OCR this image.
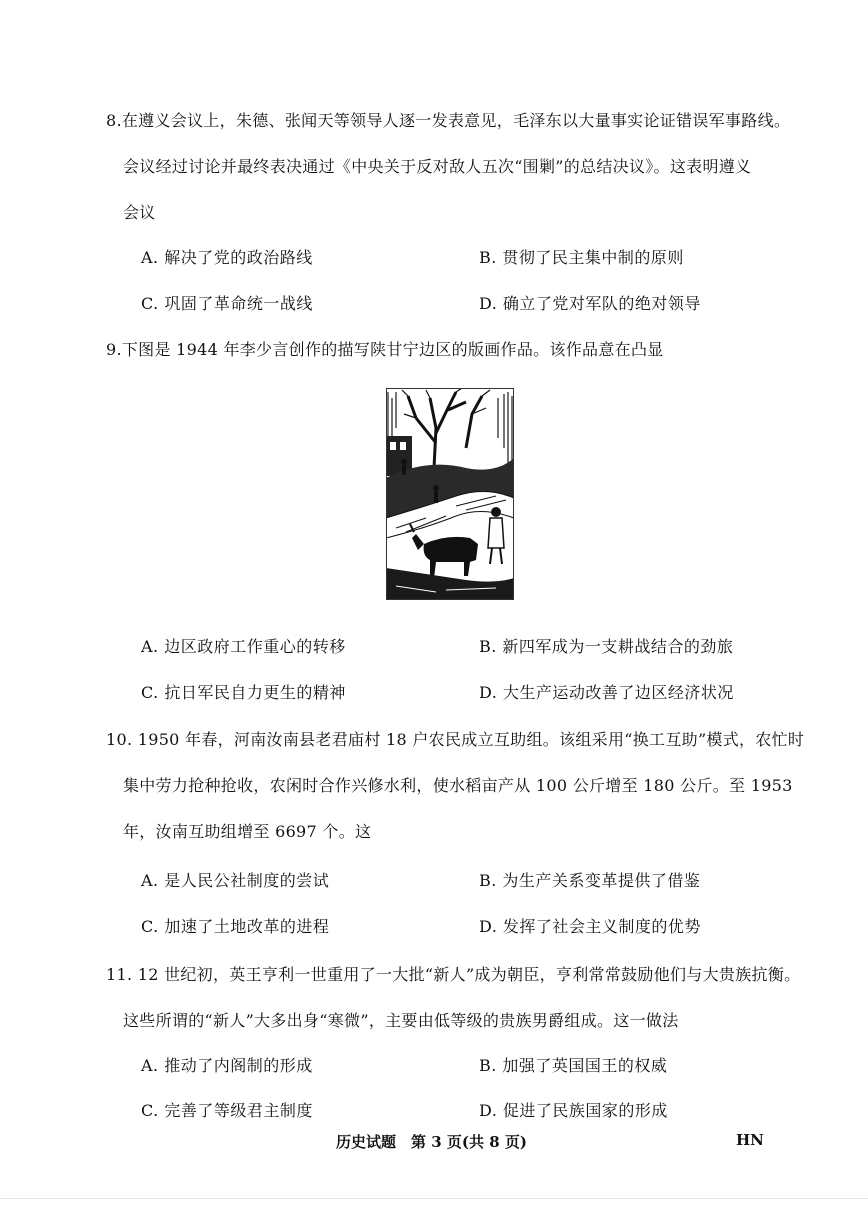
8.在遵义会议上，朱德、张闻天等领导人逐一发表意见，毛泽东以大量事实论证错误军事路线。
会议经过讨论并最终表决通过《中央关于反对敌人五次“围剿”的总结决议》。这表明遵义
会议
A. 解决了党的政治路线	B. 贯彻了民主集中制的原则
C. 巩固了革命统一战线	D. 确立了党对军队的绝对领导
9.下图是 1944 年李少言创作的描写陕甘宁边区的版画作品。该作品意在凸显
A. 边区政府工作重心的转移	B. 新四军成为一支耕战结合的劲旅
C. 抗日军民自力更生的精神	D. 大生产运动改善了边区经济状况
10. 1950 年春，河南汝南县老君庙村 18 户农民成立互助组。该组采用“换工互助”模式，农忙时
集中劳力抢种抢收，农闲时合作兴修水利，使水稻亩产从 100 公斤增至 180 公斤。至 1953
年，汝南互助组增至 6697 个。这
A. 是人民公社制度的尝试	B. 为生产关系变革提供了借鉴
C. 加速了土地改革的进程	D. 发挥了社会主义制度的优势
11. 12 世纪初，英王亨利一世重用了一大批“新人”成为朝臣，亨利常常鼓励他们与大贵族抗衡。
这些所谓的“新人”大多出身“寒微”，主要由低等级的贵族男爵组成。这一做法
A. 推动了内阁制的形成	B. 加强了英国国王的权威
C. 完善了等级君主制度	D. 促进了民族国家的形成
历史试题　第 3 页(共 8 页)	HN
